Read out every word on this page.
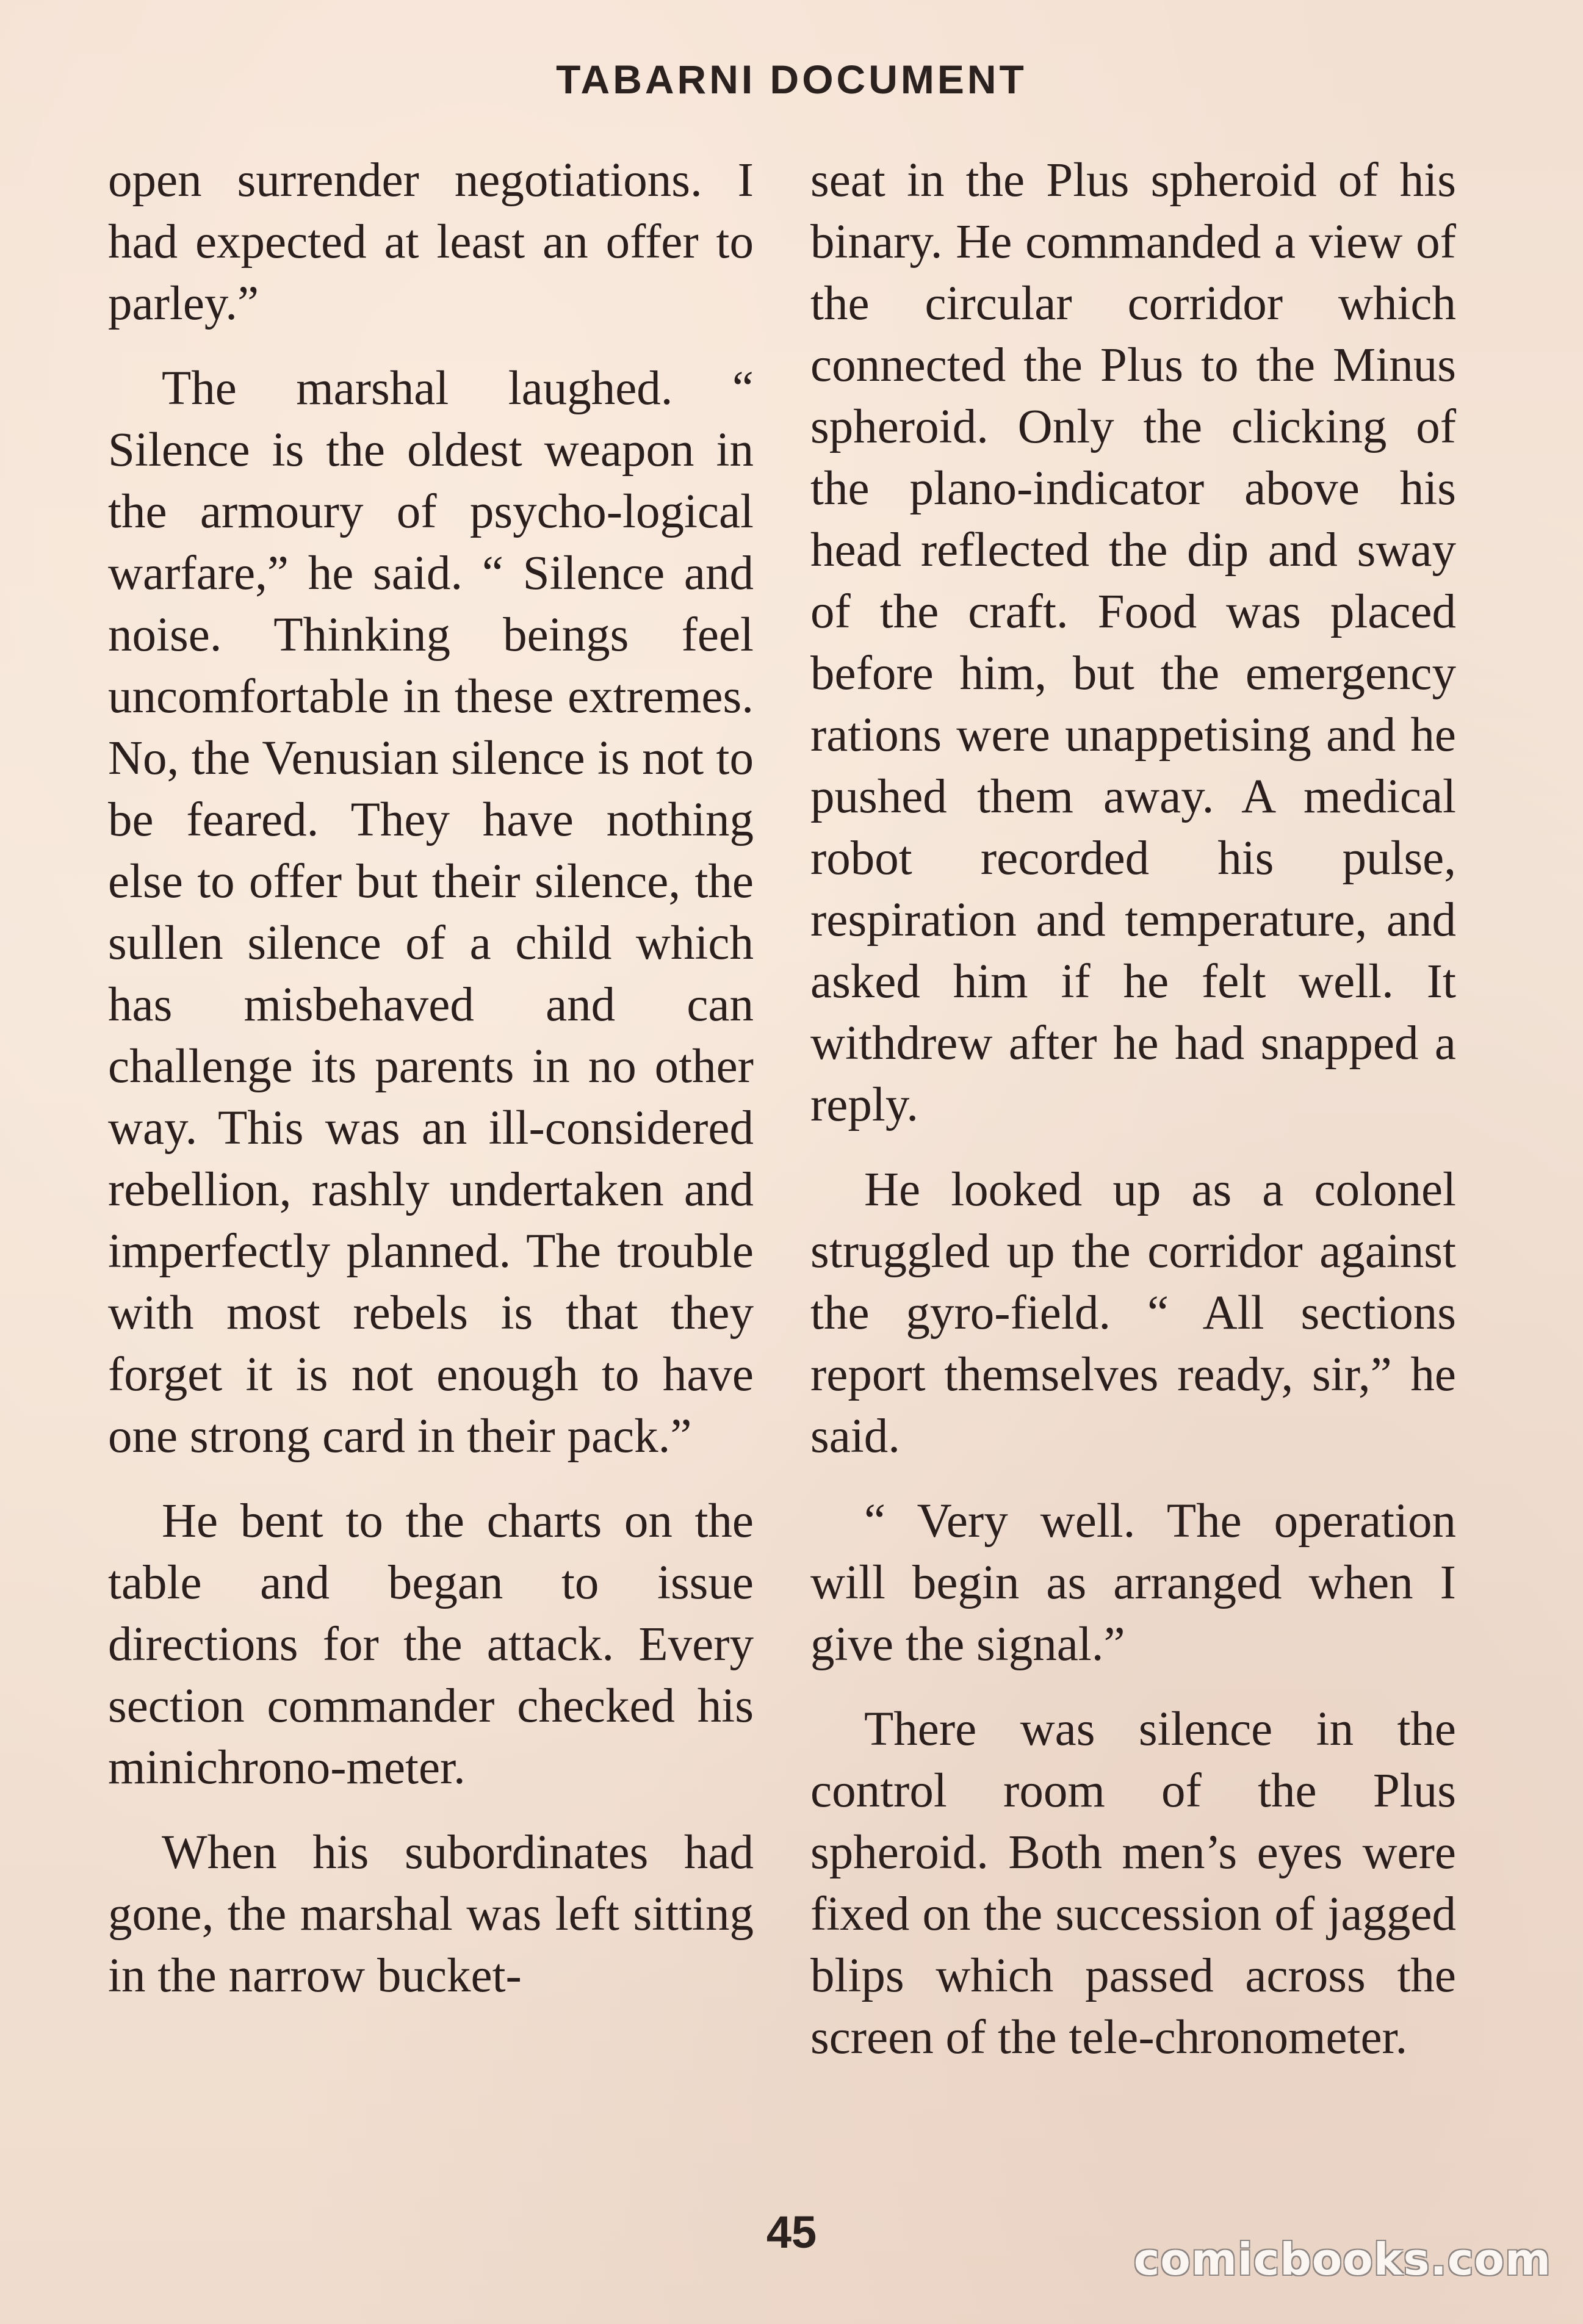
TABARNI DOCUMENT

open surrender negotiations. I had expected at least an offer to parley.”

The marshal laughed. “ Silence is the oldest weapon in the armoury of psycho-logical warfare,” he said. “ Silence and noise. Thinking beings feel uncomfortable in these extremes. No, the Venusian silence is not to be feared. They have nothing else to offer but their silence, the sullen silence of a child which has misbehaved and can challenge its parents in no other way. This was an ill-considered rebellion, rashly undertaken and imperfectly planned. The trouble with most rebels is that they forget it is not enough to have one strong card in their pack.”

He bent to the charts on the table and began to issue directions for the attack. Every section commander checked his minichrono-meter.

When his subordinates had gone, the marshal was left sitting in the narrow bucket-

seat in the Plus spheroid of his binary. He commanded a view of the circular corridor which connected the Plus to the Minus spheroid. Only the clicking of the plano-indicator above his head reflected the dip and sway of the craft. Food was placed before him, but the emergency rations were unappetising and he pushed them away. A medical robot recorded his pulse, respiration and temperature, and asked him if he felt well. It withdrew after he had snapped a reply.

He looked up as a colonel struggled up the corridor against the gyro-field. “ All sections report themselves ready, sir,” he said.

“ Very well. The operation will begin as arranged when I give the signal.”

There was silence in the control room of the Plus spheroid. Both men’s eyes were fixed on the succession of jagged blips which passed across the screen of the tele-chronometer.

45
comicbooks.com
